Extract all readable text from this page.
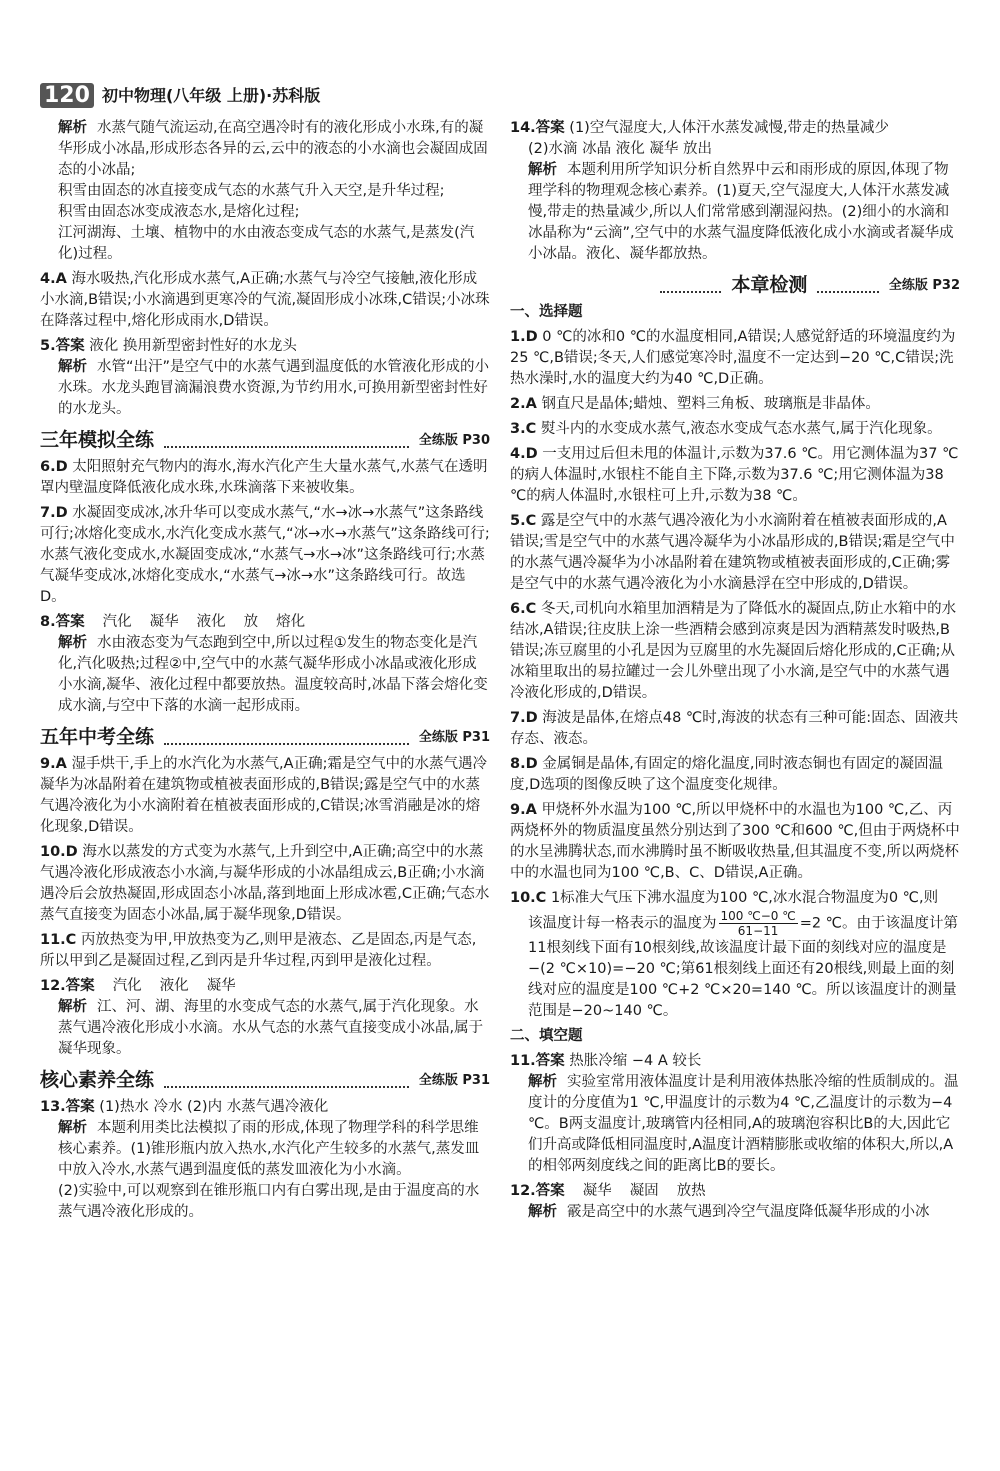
120 初中物理(八年级 上册)·苏科版

解析 水蒸气随气流运动,在高空遇冷时有的液化形成小水珠,有的凝华形成小冰晶,形成形态各异的云,云中的液态的小水滴也会凝固成固态的小冰晶;

积雪由固态的冰直接变成气态的水蒸气升入天空,是升华过程;

积雪由固态冰变成液态水,是熔化过程;

江河湖海、土壤、植物中的水由液态变成气态的水蒸气,是蒸发(汽化)过程。

4.A 海水吸热,汽化形成水蒸气,A正确;水蒸气与冷空气接触,液化形成小水滴,B错误;小水滴遇到更寒冷的气流,凝固形成小冰珠,C错误;小冰珠在降落过程中,熔化形成雨水,D错误。

5.答案 液化 换用新型密封性好的水龙头

解析 水管“出汗”是空气中的水蒸气遇到温度低的水管液化形成的小水珠。水龙头跑冒滴漏浪费水资源,为节约用水,可换用新型密封性好的水龙头。

三年模拟全练	全练版 P30

6.D 太阳照射充气物内的海水,海水汽化产生大量水蒸气,水蒸气在透明罩内壁温度降低液化成水珠,水珠滴落下来被收集。

7.D 水凝固变成冰,冰升华可以变成水蒸气,“水→冰→水蒸气”这条路线可行;冰熔化变成水,水汽化变成水蒸气,“冰→水→水蒸气”这条路线可行;水蒸气液化变成水,水凝固变成冰,“水蒸气→水→冰”这条路线可行;水蒸气凝华变成冰,冰熔化变成水,“水蒸气→冰→水”这条路线可行。故选D。

8.答案 汽化 凝华 液化 放 熔化

解析 水由液态变为气态跑到空中,所以过程①发生的物态变化是汽化,汽化吸热;过程②中,空气中的水蒸气凝华形成小冰晶或液化形成小水滴,凝华、液化过程中都要放热。温度较高时,冰晶下落会熔化变成水滴,与空中下落的水滴一起形成雨。

五年中考全练	全练版 P31

9.A 湿手烘干,手上的水汽化为水蒸气,A正确;霜是空气中的水蒸气遇冷凝华为冰晶附着在建筑物或植被表面形成的,B错误;露是空气中的水蒸气遇冷液化为小水滴附着在植被表面形成的,C错误;冰雪消融是冰的熔化现象,D错误。

10.D 海水以蒸发的方式变为水蒸气,上升到空中,A正确;高空中的水蒸气遇冷液化形成液态小水滴,与凝华形成的小冰晶组成云,B正确;小水滴遇冷后会放热凝固,形成固态小冰晶,落到地面上形成冰雹,C正确;气态水蒸气直接变为固态小冰晶,属于凝华现象,D错误。

11.C 丙放热变为甲,甲放热变为乙,则甲是液态、乙是固态,丙是气态,所以甲到乙是凝固过程,乙到丙是升华过程,丙到甲是液化过程。

12.答案 汽化 液化 凝华

解析 江、河、湖、海里的水变成气态的水蒸气,属于汽化现象。水蒸气遇冷液化形成小水滴。水从气态的水蒸气直接变成小冰晶,属于凝华现象。

核心素养全练	全练版 P31

13.答案 (1)热水 冷水 (2)内 水蒸气遇冷液化

解析 本题利用类比法模拟了雨的形成,体现了物理学科的科学思维核心素养。(1)锥形瓶内放入热水,水汽化产生较多的水蒸气,蒸发皿中放入冷水,水蒸气遇到温度低的蒸发皿液化为小水滴。

(2)实验中,可以观察到在锥形瓶口内有白雾出现,是由于温度高的水蒸气遇冷液化形成的。

14.答案 (1)空气湿度大,人体汗水蒸发减慢,带走的热量减少

(2)水滴 冰晶 液化 凝华 放出

解析 本题利用所学知识分析自然界中云和雨形成的原因,体现了物理学科的物理观念核心素养。(1)夏天,空气湿度大,人体汗水蒸发减慢,带走的热量减少,所以人们常常感到潮湿闷热。(2)细小的水滴和冰晶称为“云滴”,空气中的水蒸气温度降低液化成小水滴或者凝华成小冰晶。液化、凝华都放热。

本章检测	全练版 P32
一、选择题

1.D 0 ℃的冰和0 ℃的水温度相同,A错误;人感觉舒适的环境温度约为25 ℃,B错误;冬天,人们感觉寒冷时,温度不一定达到−20 ℃,C错误;洗热水澡时,水的温度大约为40 ℃,D正确。

2.A 钢直尺是晶体;蜡烛、塑料三角板、玻璃瓶是非晶体。

3.C 熨斗内的水变成水蒸气,液态水变成气态水蒸气,属于汽化现象。

4.D 一支用过后但未甩的体温计,示数为37.6 ℃。用它测体温为37 ℃的病人体温时,水银柱不能自主下降,示数为37.6 ℃;用它测体温为38 ℃的病人体温时,水银柱可上升,示数为38 ℃。

5.C 露是空气中的水蒸气遇冷液化为小水滴附着在植被表面形成的,A错误;雪是空气中的水蒸气遇冷凝华为小冰晶形成的,B错误;霜是空气中的水蒸气遇冷凝华为小冰晶附着在建筑物或植被表面形成的,C正确;雾是空气中的水蒸气遇冷液化为小水滴悬浮在空中形成的,D错误。

6.C 冬天,司机向水箱里加酒精是为了降低水的凝固点,防止水箱中的水结冰,A错误;往皮肤上涂一些酒精会感到凉爽是因为酒精蒸发时吸热,B错误;冻豆腐里的小孔是因为豆腐里的水先凝固后熔化形成的,C正确;从冰箱里取出的易拉罐过一会儿外壁出现了小水滴,是空气中的水蒸气遇冷液化形成的,D错误。

7.D 海波是晶体,在熔点48 ℃时,海波的状态有三种可能:固态、固液共存态、液态。

8.D 金属铜是晶体,有固定的熔化温度,同时液态铜也有固定的凝固温度,D选项的图像反映了这个温度变化规律。

9.A 甲烧杯外水温为100 ℃,所以甲烧杯中的水温也为100 ℃,乙、丙两烧杯外的物质温度虽然分别达到了300 ℃和600 ℃,但由于两烧杯中的水呈沸腾状态,而水沸腾时虽不断吸收热量,但其温度不变,所以两烧杯中的水温也同为100 ℃,B、C、D错误,A正确。

10.C 1标准大气压下沸水温度为100 ℃,冰水混合物温度为0 ℃,则

该温度计每一格表示的温度为 $\frac{100 ℃-0 ℃}{61-11} =2$ ℃。由于该温度计第

11根刻线下面有10根刻线,故该温度计最下面的刻线对应的温度是−(2 ℃×10)=−20 ℃;第61根刻线上面还有20根线,则最上面的刻线对应的温度是100 ℃+2 ℃×20=140 ℃。所以该温度计的测量范围是−20~140 ℃。

二、填空题

11.答案 热胀冷缩 −4 A 较长

解析 实验室常用液体温度计是利用液体热胀冷缩的性质制成的。温度计的分度值为1 ℃,甲温度计的示数为4 ℃,乙温度计的示数为−4 ℃。B两支温度计,玻璃管内径相同,A的玻璃泡容积比B的大,因此它们升高或降低相同温度时,A温度计酒精膨胀或收缩的体积大,所以,A的相邻两刻度线之间的距离比B的要长。

12.答案 凝华 凝固 放热

解析 霰是高空中的水蒸气遇到冷空气温度降低凝华形成的小冰
